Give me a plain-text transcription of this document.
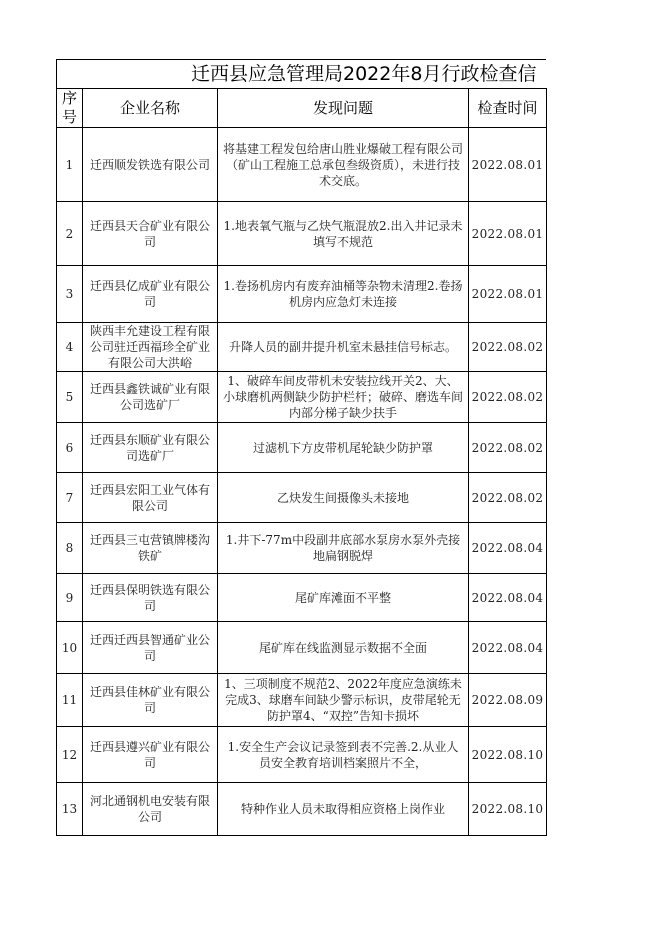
迁西县应急管理局2022年8月行政检查信
序号	企业名称	发现问题	检查时间
1	迁西顺发铁选有限公司	将基建工程发包给唐山胜业爆破工程有限公司（矿山工程施工总承包叁级资质），未进行技术交底。	2022.08.01
2	迁西县天合矿业有限公司	1.地表氧气瓶与乙炔气瓶混放2.出入井记录未填写不规范	2022.08.01
3	迁西县亿成矿业有限公司	1.卷扬机房内有废弃油桶等杂物未清理2.卷扬机房内应急灯未连接	2022.08.01
4	陕西丰允建设工程有限公司驻迁西福珍全矿业有限公司大洪峪	升降人员的副井提升机室未悬挂信号标志。	2022.08.02
5	迁西县鑫铁诚矿业有限公司选矿厂	1、破碎车间皮带机未安装拉线开关2、大、小球磨机两侧缺少防护栏杆；破碎、磨选车间内部分梯子缺少扶手	2022.08.02
6	迁西县东顺矿业有限公司选矿厂	过滤机下方皮带机尾轮缺少防护罩	2022.08.02
7	迁西县宏阳工业气体有限公司	乙炔发生间摄像头未接地	2022.08.02
8	迁西县三屯营镇牌楼沟铁矿	1.井下-77m中段副井底部水泵房水泵外壳接地扁钢脱焊	2022.08.04
9	迁西县保明铁选有限公司	尾矿库滩面不平整	2022.08.04
10	迁西迁西县智通矿业公司	尾矿库在线监测显示数据不全面	2022.08.04
11	迁西县佳林矿业有限公司	1、三项制度不规范2、2022年度应急演练未完成3、球磨车间缺少警示标识，皮带尾轮无防护罩4、“双控”告知卡损坏	2022.08.09
12	迁西县遵兴矿业有限公司	1.安全生产会议记录签到表不完善.2.从业人员安全教育培训档案照片不全，	2022.08.10
13	河北通钢机电安装有限公司	特种作业人员未取得相应资格上岗作业	2022.08.10
